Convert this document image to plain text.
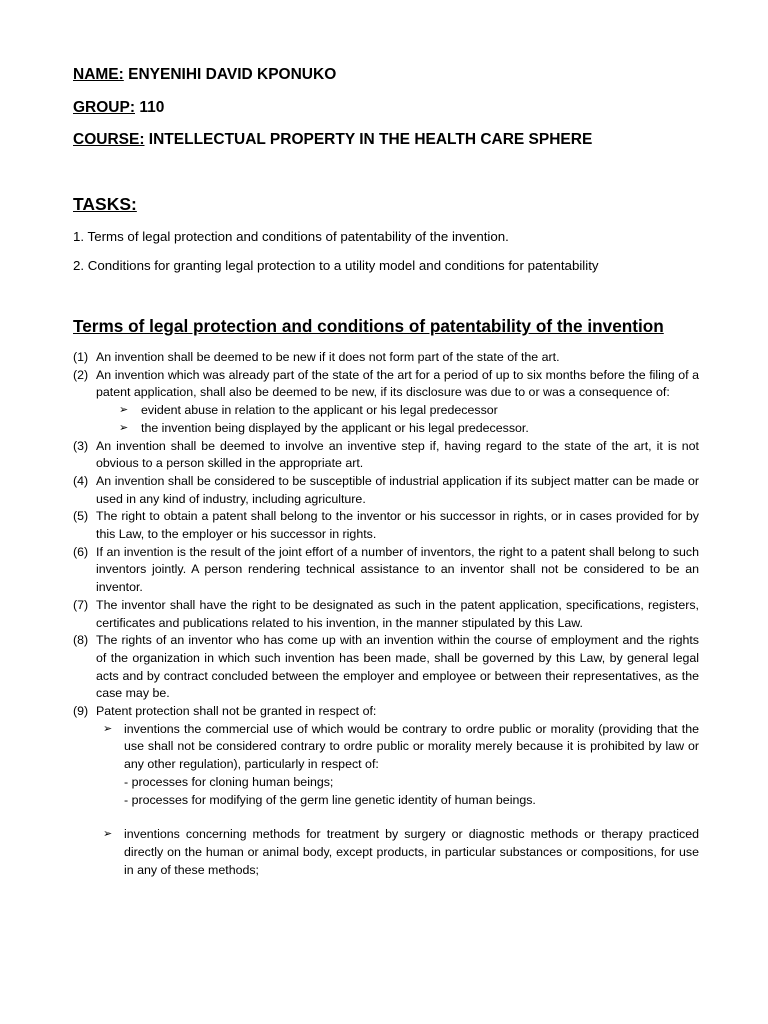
NAME: ENYENIHI DAVID KPONUKO
GROUP: 110
COURSE: INTELLECTUAL PROPERTY IN THE HEALTH CARE SPHERE
TASKS:
1. Terms of legal protection and conditions of patentability of the invention.
2. Conditions for granting legal protection to a utility model and conditions for patentability
Terms of legal protection and conditions of patentability of the invention
(1) An invention shall be deemed to be new if it does not form part of the state of the art.
(2) An invention which was already part of the state of the art for a period of up to six months before the filing of a patent application, shall also be deemed to be new, if its disclosure was due to or was a consequence of:
➢ evident abuse in relation to the applicant or his legal predecessor
➢ the invention being displayed by the applicant or his legal predecessor.
(3) An invention shall be deemed to involve an inventive step if, having regard to the state of the art, it is not obvious to a person skilled in the appropriate art.
(4) An invention shall be considered to be susceptible of industrial application if its subject matter can be made or used in any kind of industry, including agriculture.
(5) The right to obtain a patent shall belong to the inventor or his successor in rights, or in cases provided for by this Law, to the employer or his successor in rights.
(6) If an invention is the result of the joint effort of a number of inventors, the right to a patent shall belong to such inventors jointly. A person rendering technical assistance to an inventor shall not be considered to be an inventor.
(7) The inventor shall have the right to be designated as such in the patent application, specifications, registers, certificates and publications related to his invention, in the manner stipulated by this Law.
(8) The rights of an inventor who has come up with an invention within the course of employment and the rights of the organization in which such invention has been made, shall be governed by this Law, by general legal acts and by contract concluded between the employer and employee or between their representatives, as the case may be.
(9) Patent protection shall not be granted in respect of:
➢ inventions the commercial use of which would be contrary to ordre public or morality (providing that the use shall not be considered contrary to ordre public or morality merely because it is prohibited by law or any other regulation), particularly in respect of:
- processes for cloning human beings;
- processes for modifying of the germ line genetic identity of human beings.
➢ inventions concerning methods for treatment by surgery or diagnostic methods or therapy practiced directly on the human or animal body, except products, in particular substances or compositions, for use in any of these methods;
